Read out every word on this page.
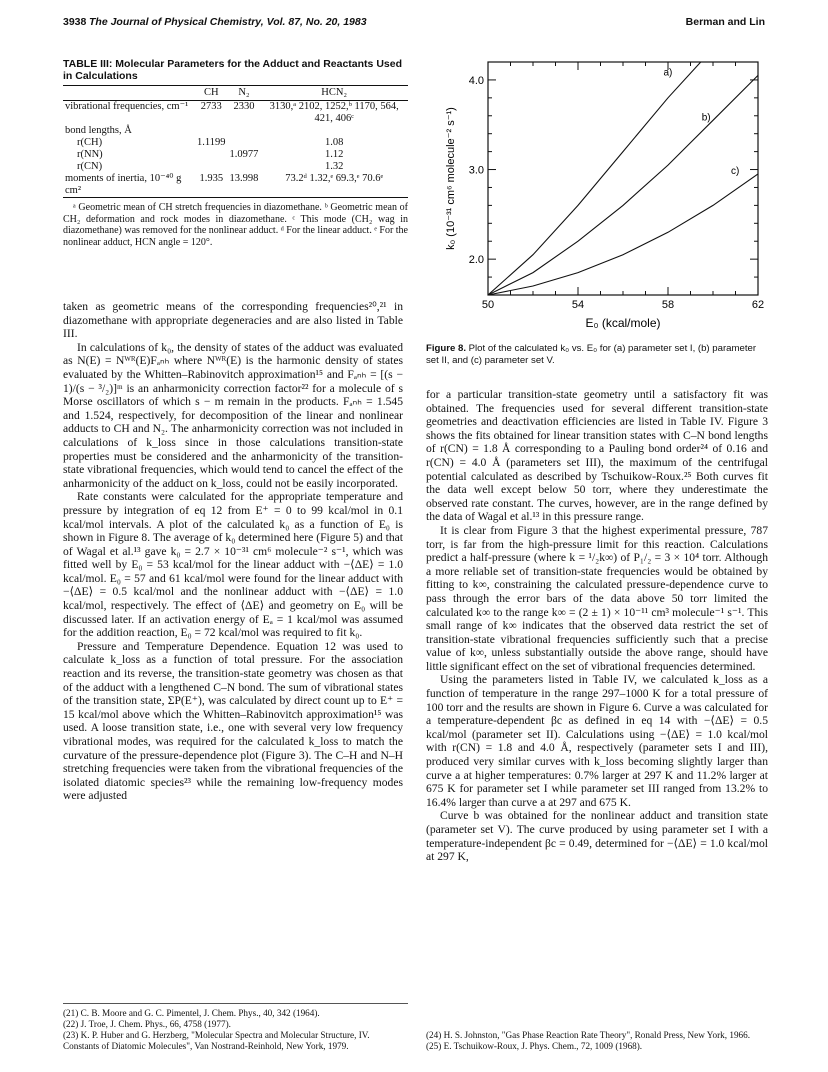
3938 The Journal of Physical Chemistry, Vol. 87, No. 20, 1983	Berman and Lin
TABLE III: Molecular Parameters for the Adduct and Reactants Used in Calculations
	CH	N₂	HCN₂
vibrational frequencies, cm⁻¹	2733	2330	3130,ᵃ 2102, 1252,ᵇ 1170, 564, 421, 406ᶜ
bond lengths, Å			
r(CH)	1.1199		1.08
r(NN)		1.0977	1.12
r(CN)			1.32
moments of inertia, 10⁻⁴⁰ g cm²	1.935	13.998	73.2ᵈ 1.32,ᵉ 69.3,ᵉ 70.6ᵉ
ᵃ Geometric mean of CH stretch frequencies in diazomethane. ᵇ Geometric mean of CH₂ deformation and rock modes in diazomethane. ᶜ This mode (CH₂ wag in diazomethane) was removed for the nonlinear adduct. ᵈ For the linear adduct. ᵉ For the nonlinear adduct, HCN angle = 120°.

taken as geometric means of the corresponding frequencies²⁰,²¹ in diazomethane with appropriate degeneracies and are also listed in Table III.

In calculations of k₀, the density of states of the adduct was evaluated as N(E) = Nᵂᴿ(E)Fₐₙₕ where Nᵂᴿ(E) is the harmonic density of states evaluated by the Whitten–Rabinovitch approximation¹⁵ and Fₐₙₕ = [(s − 1)/(s − ³/₂)]ᵐ is an anharmonicity correction factor²² for a molecule of s Morse oscillators of which s − m remain in the products. Fₐₙₕ = 1.545 and 1.524, respectively, for decomposition of the linear and nonlinear adducts to CH and N₂. The anharmonicity correction was not included in calculations of k_loss since in those calculations transition-state properties must be considered and the anharmonicity of the transition-state vibrational frequencies, which would tend to cancel the effect of the anharmonicity of the adduct on k_loss, could not be easily incorporated.

Rate constants were calculated for the appropriate temperature and pressure by integration of eq 12 from E⁺ = 0 to 99 kcal/mol in 0.1 kcal/mol intervals. A plot of the calculated k₀ as a function of E₀ is shown in Figure 8. The average of k₀ determined here (Figure 5) and that of Wagal et al.¹³ gave k₀ = 2.7 × 10⁻³¹ cm⁶ molecule⁻² s⁻¹, which was fitted well by E₀ = 53 kcal/mol for the linear adduct with −⟨ΔE⟩ = 1.0 kcal/mol. E₀ = 57 and 61 kcal/mol were found for the linear adduct with −⟨ΔE⟩ = 0.5 kcal/mol and the nonlinear adduct with −⟨ΔE⟩ = 1.0 kcal/mol, respectively. The effect of ⟨ΔE⟩ and geometry on E₀ will be discussed later. If an activation energy of Eₐ = 1 kcal/mol was assumed for the addition reaction, E₀ = 72 kcal/mol was required to fit k₀.

Pressure and Temperature Dependence. Equation 12 was used to calculate k_loss as a function of total pressure. For the association reaction and its reverse, the transition-state geometry was chosen as that of the adduct with a lengthened C–N bond. The sum of vibrational states of the transition state, ΣP(E⁺), was calculated by direct count up to E⁺ = 15 kcal/mol above which the Whitten–Rabinovitch approximation¹⁵ was used. A loose transition state, i.e., one with several very low frequency vibrational modes, was required for the calculated k_loss to match the curvature of the pressure-dependence plot (Figure 3). The C–H and N–H stretching frequencies were taken from the vibrational frequencies of the isolated diatomic species²³ while the remaining low-frequency modes were adjusted

50	54	58	62
2.0
3.0
4.0
a)
b)
c)
E₀ (kcal/mole)
k₀ (10⁻³¹ cm⁶ molecule⁻² s⁻¹)
Figure 8. Plot of the calculated k₀ vs. E₀ for (a) parameter set I, (b) parameter set II, and (c) parameter set V.

for a particular transition-state geometry until a satisfactory fit was obtained. The frequencies used for several different transition-state geometries and deactivation efficiencies are listed in Table IV. Figure 3 shows the fits obtained for linear transition states with C–N bond lengths of r(CN) = 1.8 Å corresponding to a Pauling bond order²⁴ of 0.16 and r(CN) = 4.0 Å (parameters set III), the maximum of the centrifugal potential calculated as described by Tschuikow-Roux.²⁵ Both curves fit the data well except below 50 torr, where they underestimate the observed rate constant. The curves, however, are in the range defined by the data of Wagal et al.¹³ in this pressure range.

It is clear from Figure 3 that the highest experimental pressure, 787 torr, is far from the high-pressure limit for this reaction. Calculations predict a half-pressure (where k = ¹/₂k∞) of P₁/₂ = 3 × 10⁴ torr. Although a more reliable set of transition-state frequencies would be obtained by fitting to k∞, constraining the calculated pressure-dependence curve to pass through the error bars of the data above 50 torr limited the calculated k∞ to the range k∞ = (2 ± 1) × 10⁻¹¹ cm³ molecule⁻¹ s⁻¹. This small range of k∞ indicates that the observed data restrict the set of transition-state vibrational frequencies sufficiently such that a precise value of k∞, unless substantially outside the above range, should have little significant effect on the set of vibrational frequencies determined.

Using the parameters listed in Table IV, we calculated k_loss as a function of temperature in the range 297–1000 K for a total pressure of 100 torr and the results are shown in Figure 6. Curve a was calculated for a temperature-dependent βc as defined in eq 14 with −⟨ΔE⟩ = 0.5 kcal/mol (parameter set II). Calculations using −⟨ΔE⟩ = 1.0 kcal/mol with r(CN) = 1.8 and 4.0 Å, respectively (parameter sets I and III), produced very similar curves with k_loss becoming slightly larger than curve a at higher temperatures: 0.7% larger at 297 K and 11.2% larger at 675 K for parameter set I while parameter set III ranged from 13.2% to 16.4% larger than curve a at 297 and 675 K.

Curve b was obtained for the nonlinear adduct and transition state (parameter set V). The curve produced by using parameter set I with a temperature-independent βc = 0.49, determined for −⟨ΔE⟩ = 1.0 kcal/mol at 297 K,

(21) C. B. Moore and G. C. Pimentel, J. Chem. Phys., 40, 342 (1964).
(22) J. Troe, J. Chem. Phys., 66, 4758 (1977).
(23) K. P. Huber and G. Herzberg, "Molecular Spectra and Molecular Structure, IV. Constants of Diatomic Molecules", Van Nostrand-Reinhold, New York, 1979.
(24) H. S. Johnston, "Gas Phase Reaction Rate Theory", Ronald Press, New York, 1966.
(25) E. Tschuikow-Roux, J. Phys. Chem., 72, 1009 (1968).
